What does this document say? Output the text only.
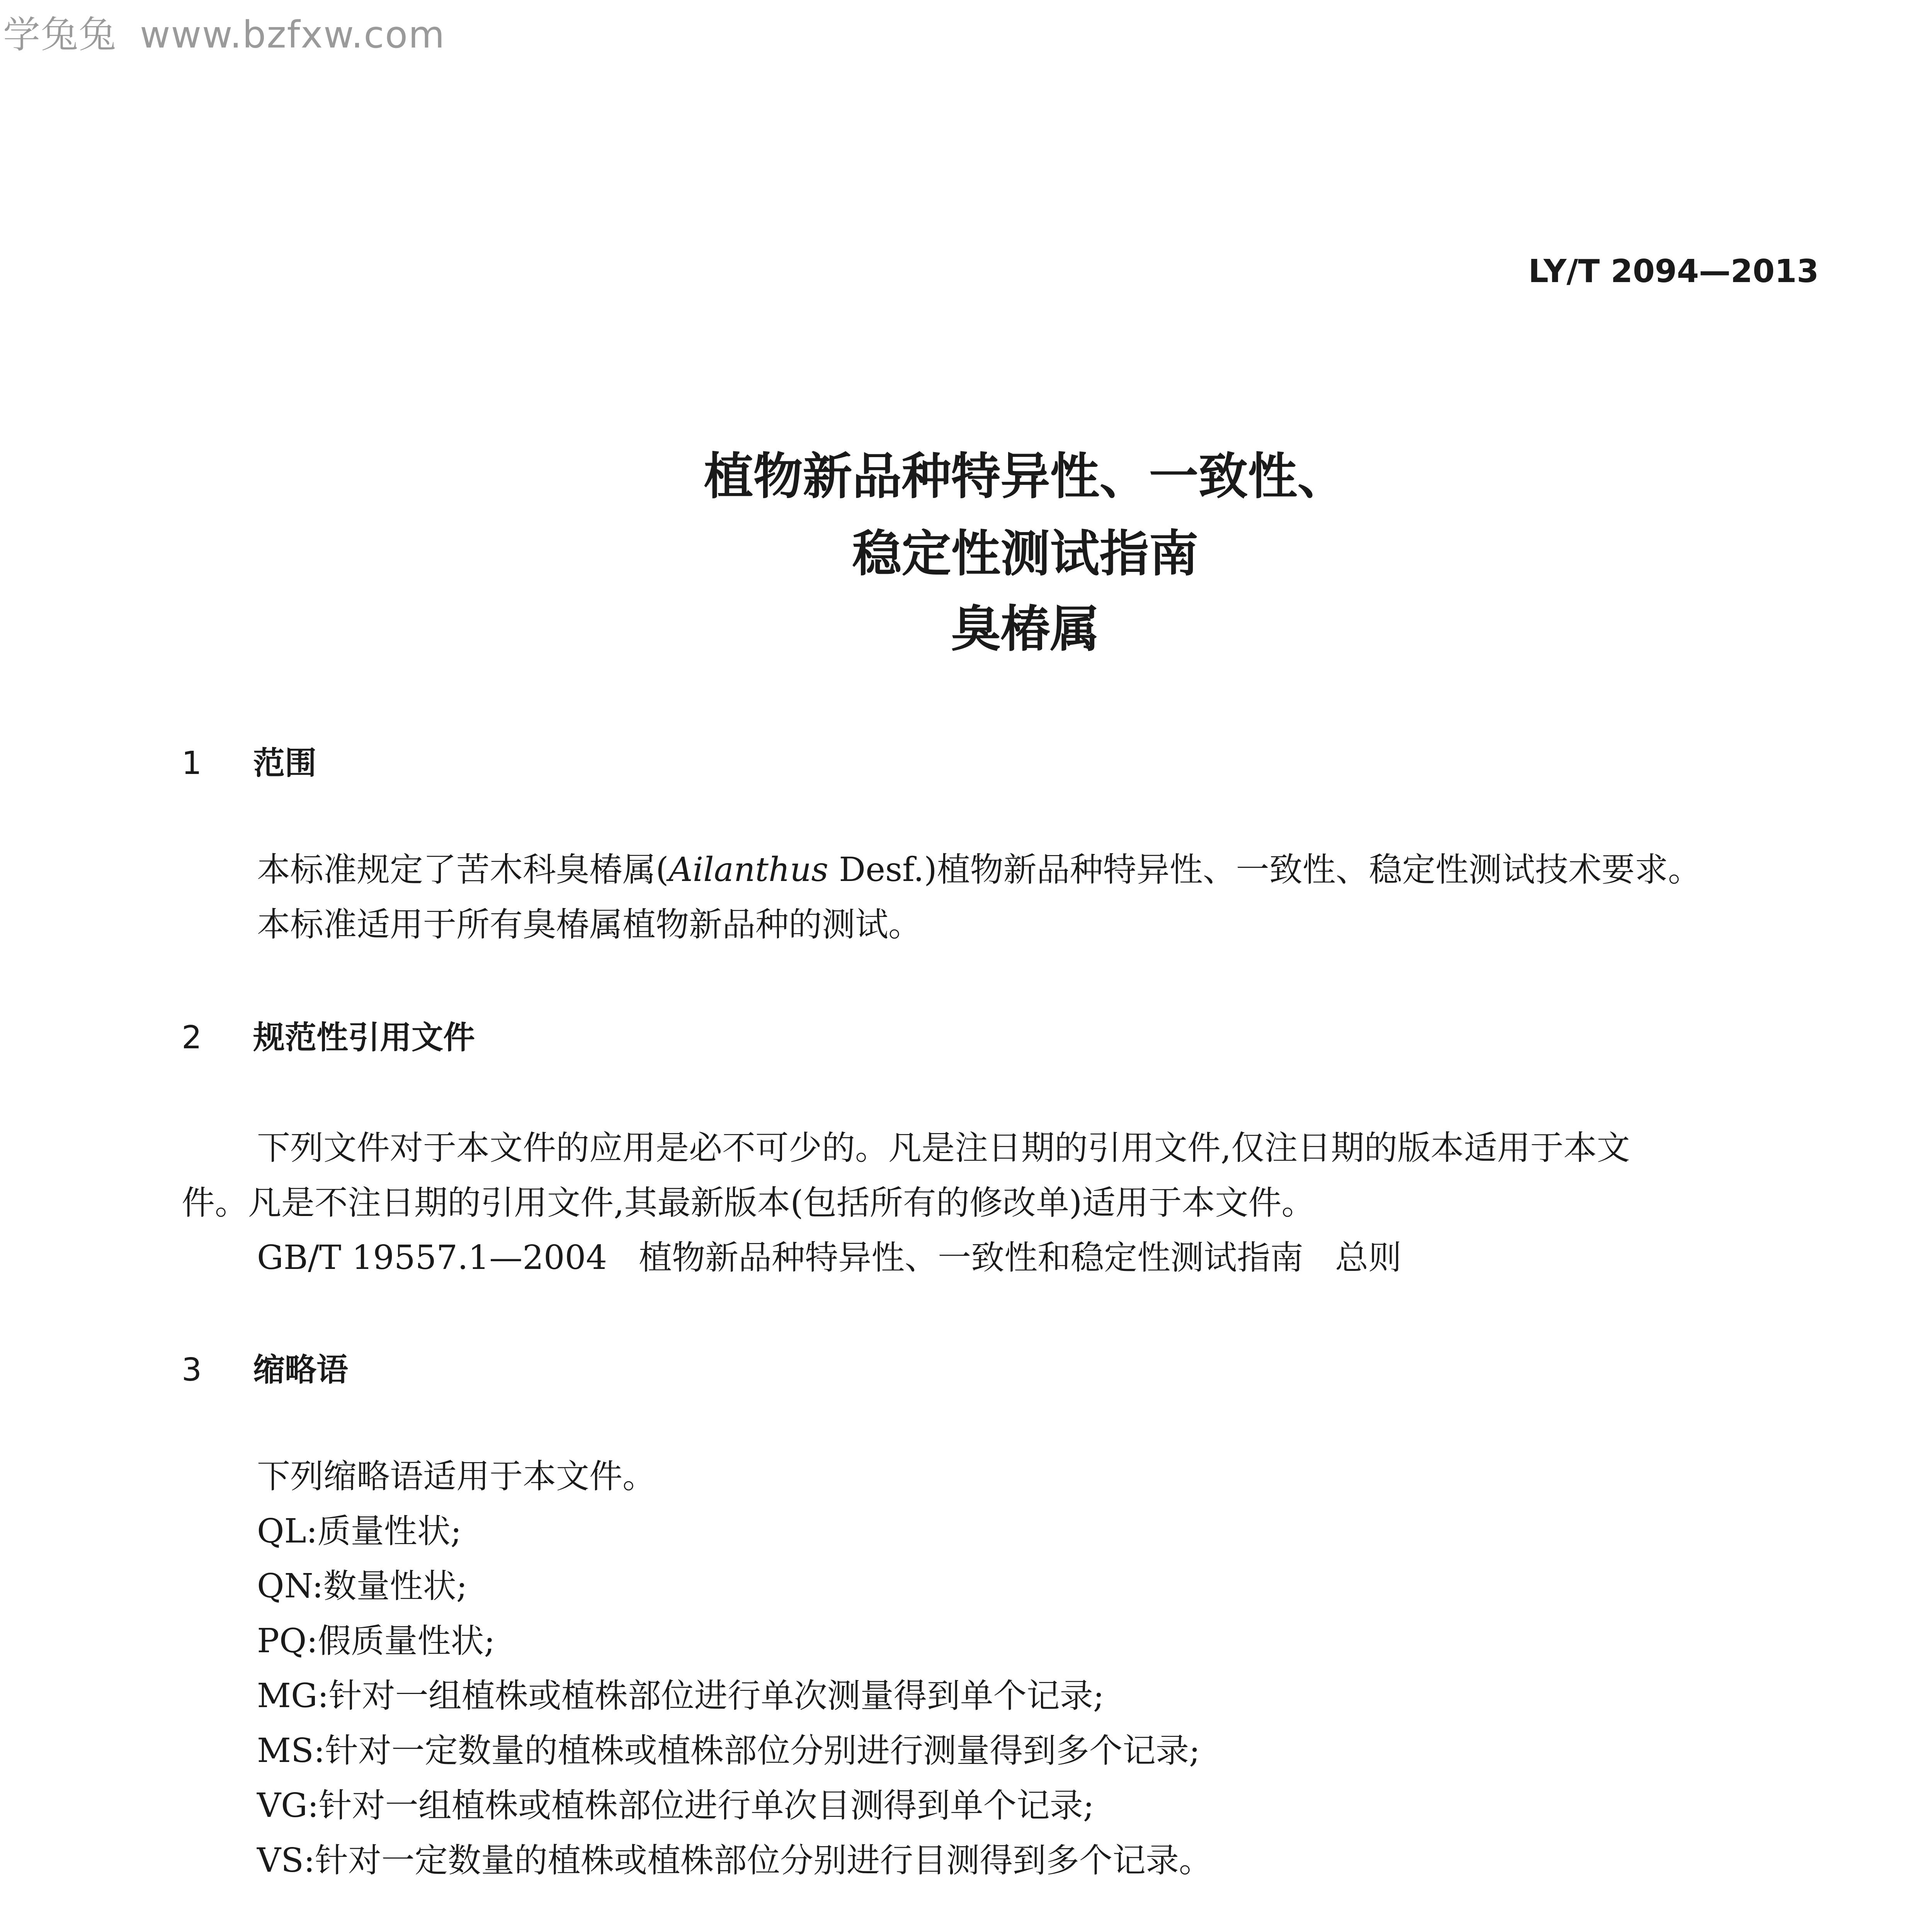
学兔兔 www.bzfxw.com
LY/T 2094—2013
植物新品种特异性、一致性、
稳定性测试指南
臭椿属
1 范围
本标准规定了苦木科臭椿属(Ailanthus Desf.)植物新品种特异性、一致性、稳定性测试技术要求。
本标准适用于所有臭椿属植物新品种的测试。
2 规范性引用文件
下列文件对于本文件的应用是必不可少的。凡是注日期的引用文件,仅注日期的版本适用于本文
件。凡是不注日期的引用文件,其最新版本(包括所有的修改单)适用于本文件。
GB/T 19557.1—2004   植物新品种特异性、一致性和稳定性测试指南   总则
3 缩略语
下列缩略语适用于本文件。
QL:质量性状;
QN:数量性状;
PQ:假质量性状;
MG:针对一组植株或植株部位进行单次测量得到单个记录;
MS:针对一定数量的植株或植株部位分别进行测量得到多个记录;
VG:针对一组植株或植株部位进行单次目测得到单个记录;
VS:针对一定数量的植株或植株部位分别进行目测得到多个记录。
